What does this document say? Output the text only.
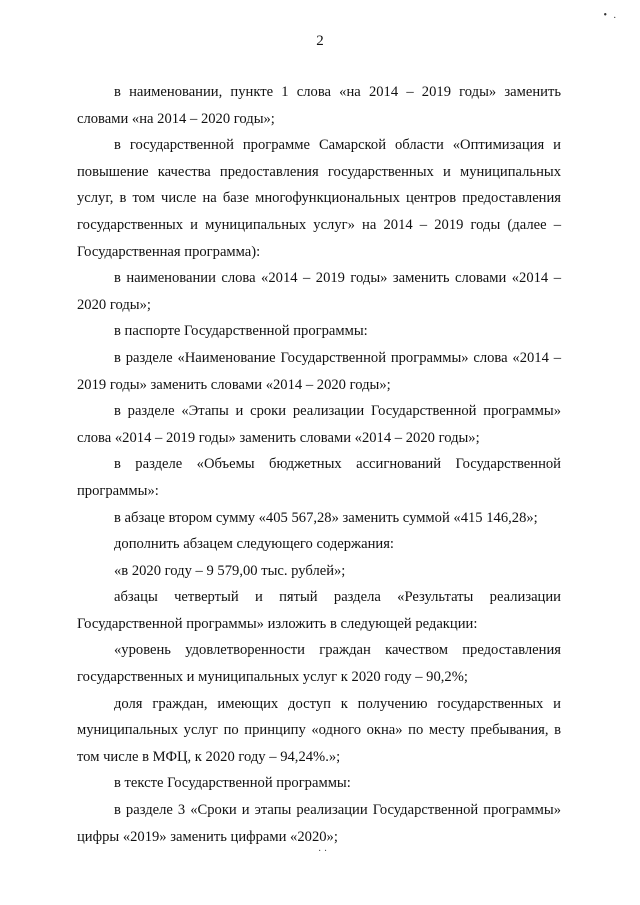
• .
2

в наименовании, пункте 1 слова «на 2014 – 2019 годы» заменить словами «на 2014 – 2020 годы»;

в государственной программе Самарской области «Оптимизация и повышение качества предоставления государственных и муниципальных услуг, в том числе на базе многофункциональных центров предоставления государственных и муниципальных услуг» на 2014 – 2019 годы (далее – Государственная программа):

в наименовании слова «2014 – 2019 годы» заменить словами «2014 – 2020 годы»;

в паспорте Государственной программы:

в разделе «Наименование Государственной программы» слова «2014 – 2019 годы» заменить словами «2014 – 2020 годы»;

в разделе «Этапы и сроки реализации Государственной программы» слова «2014 – 2019 годы» заменить словами «2014 – 2020 годы»;

в разделе «Объемы бюджетных ассигнований Государственной программы»:

в абзаце втором сумму «405 567,28» заменить суммой «415 146,28»;

дополнить абзацем следующего содержания:

«в 2020 году – 9 579,00 тыс. рублей»;

абзацы четвертый и пятый раздела «Результаты реализации Государственной программы» изложить в следующей редакции:

«уровень удовлетворенности граждан качеством предоставления государственных и муниципальных услуг к 2020 году – 90,2%;

доля граждан, имеющих доступ к получению государственных и муниципальных услуг по принципу «одного окна» по месту пребывания, в том числе в МФЦ, к 2020 году – 94,24%.»;

в тексте Государственной программы:

в разделе 3 «Сроки и этапы реализации Государственной программы» цифры «2019» заменить цифрами «2020»;

· ·
